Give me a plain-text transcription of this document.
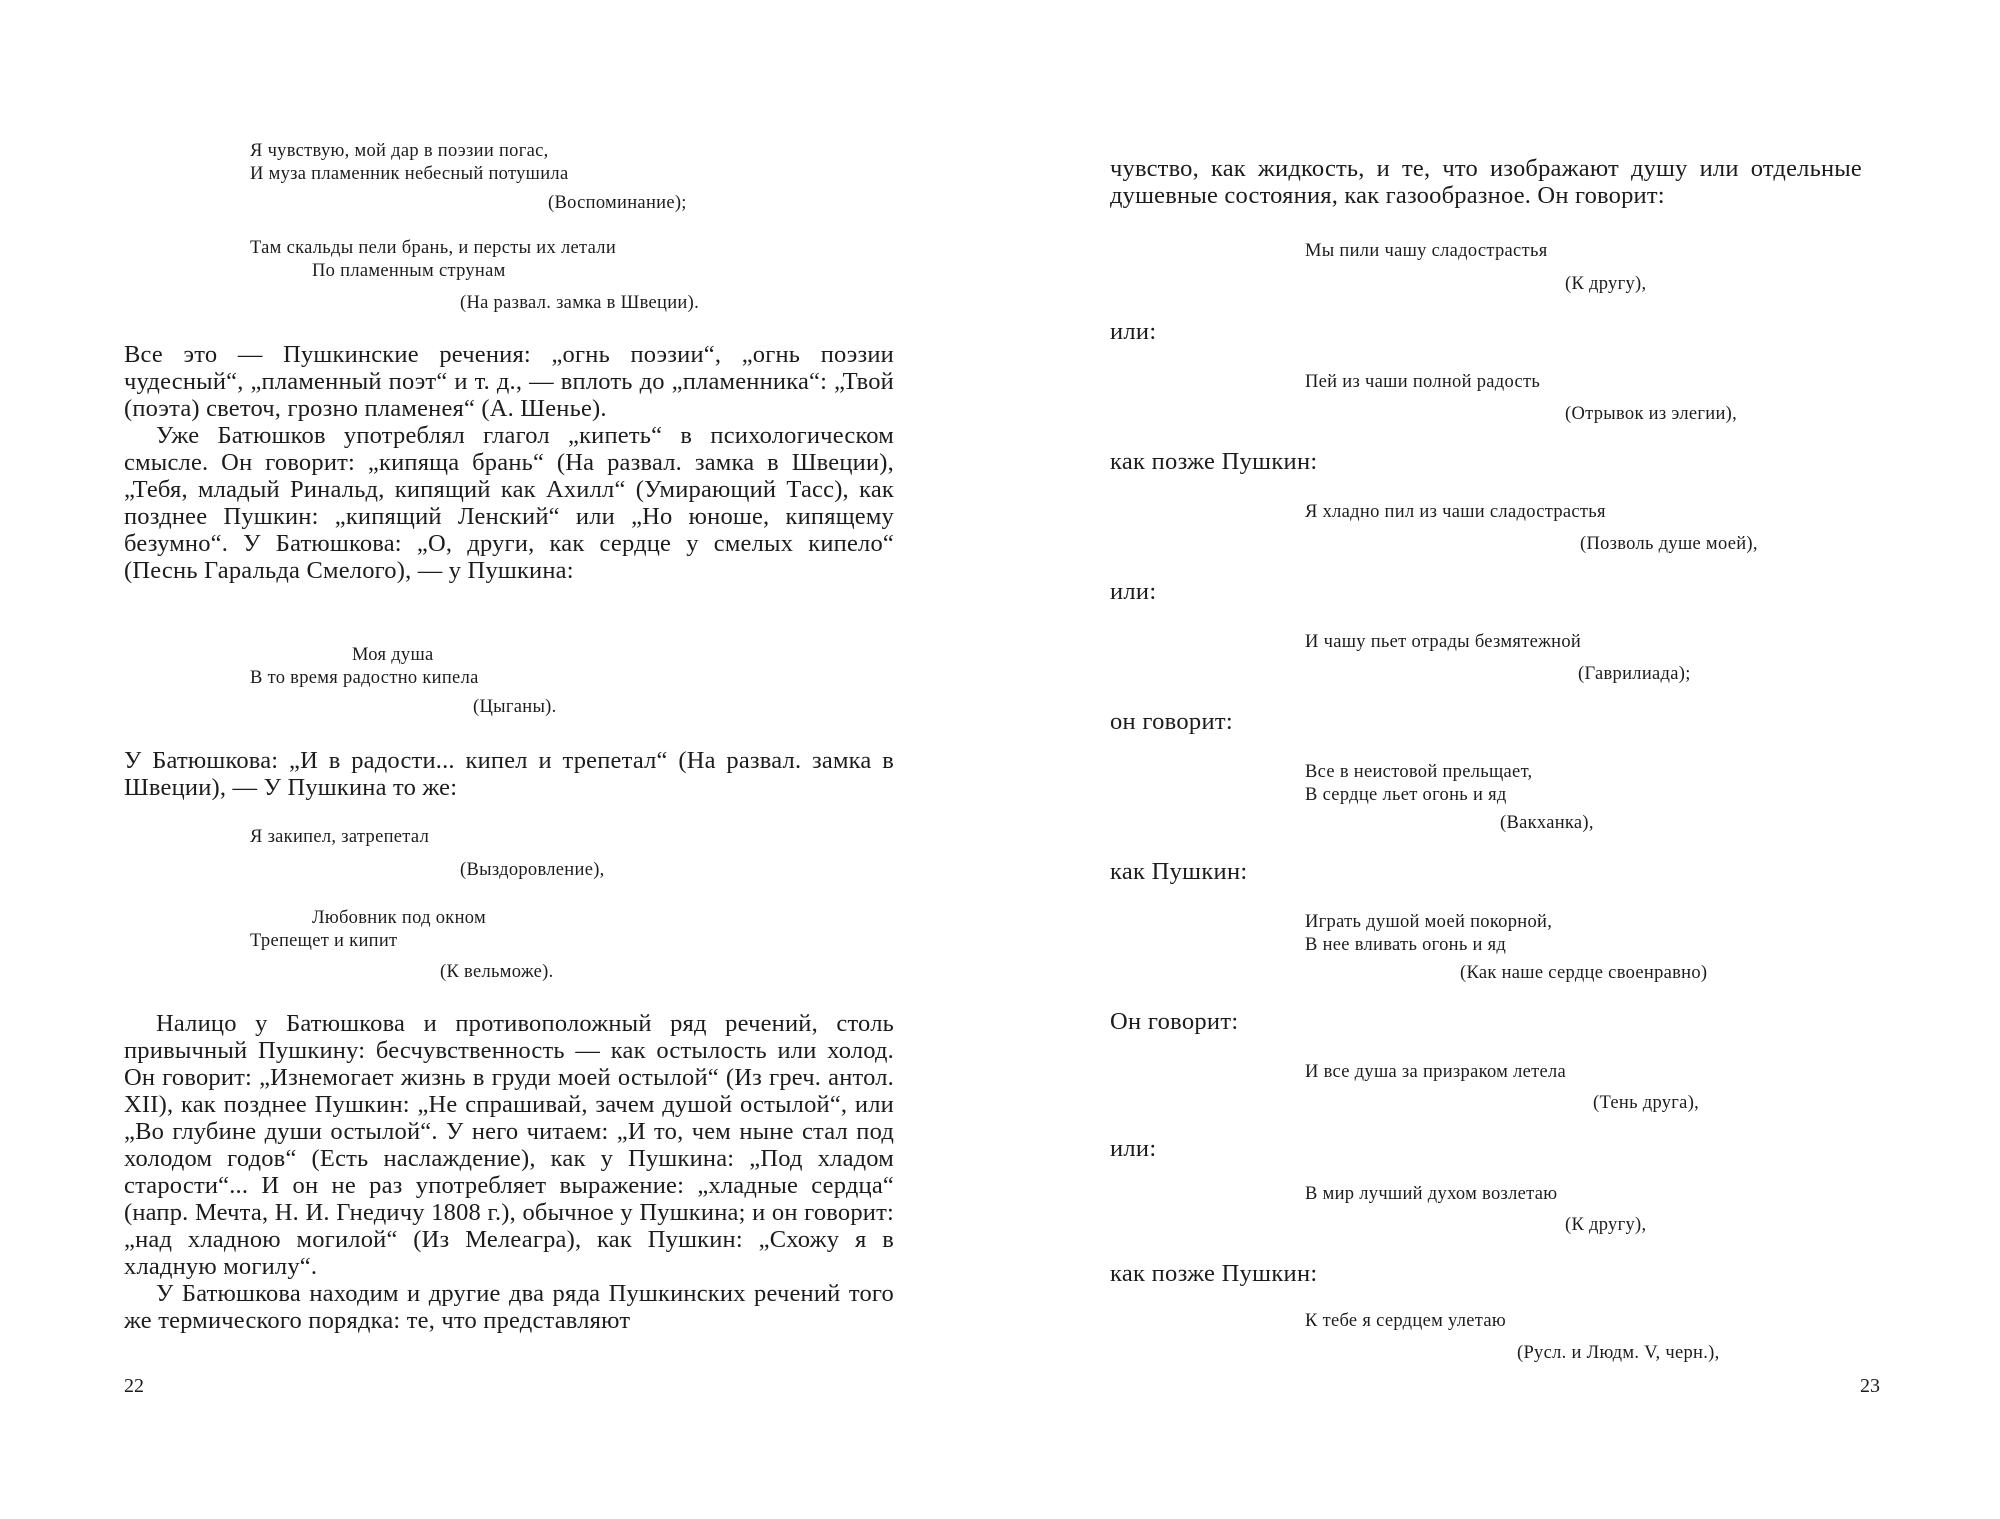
Я чувствую, мой дар в поэзии погас,
И муза пламенник небесный потушила
(Воспоминание);
Там скальды пели брань, и персты их летали
По пламенным струнам
(На развал. замка в Швеции).

Все это — Пушкинские речения: „огнь поэзии“, „огнь поэзии чудесный“, „пламенный поэт“ и т. д., — вплоть до „пламенника“: „Твой (поэта) светоч, грозно пламенея“ (А. Шенье).

Уже Батюшков употреблял глагол „кипеть“ в психологическом смысле. Он говорит: „кипяща брань“ (На развал. замка в Швеции), „Тебя, младый Ринальд, кипящий как Ахилл“ (Умирающий Тасс), как позднее Пушкин: „кипящий Ленский“ или „Но юноше, кипящему безумно“. У Батюшкова: „О, други, как сердце у смелых кипело“ (Песнь Гаральда Смелого), — у Пушкина:

Моя душа
В то время радостно кипела
(Цыганы).

У Батюшкова: „И в радости... кипел и трепетал“ (На развал. замка в Швеции), — У Пушкина то же:

Я закипел, затрепетал
(Выздоровление),
Любовник под окном
Трепещет и кипит
(К вельможе).

Налицо у Батюшкова и противоположный ряд речений, столь привычный Пушкину: бесчувственность — как остылость или холод. Он говорит: „Изнемогает жизнь в груди моей остылой“ (Из греч. антол. XII), как позднее Пушкин: „Не спрашивай, зачем душой остылой“, или „Во глубине души остылой“. У него читаем: „И то, чем ныне стал под холодом годов“ (Есть наслаждение), как у Пушкина: „Под хладом старости“... И он не раз употребляет выражение: „хладные сердца“ (напр. Мечта, Н. И. Гнедичу 1808 г.), обычное у Пушкина; и он говорит: „над хладною могилой“ (Из Мелеагра), как Пушкин: „Схожу я в хладную могилу“.

У Батюшкова находим и другие два ряда Пушкинских речений того же термического порядка: те, что представляют

22

чувство, как жидкость, и те, что изображают душу или отдельные душевные состояния, как газообразное. Он говорит:

Мы пили чашу сладострастья
(К другу),
или:
Пей из чаши полной радость
(Отрывок из элегии),
как позже Пушкин:
Я хладно пил из чаши сладострастья
(Позволь душе моей),
или:
И чашу пьет отрады безмятежной
(Гаврилиада);
он говорит:
Все в неистовой прельщает,
В сердце льет огонь и яд
(Вакханка),
как Пушкин:
Играть душой моей покорной,
В нее вливать огонь и яд
(Как наше сердце своенравно)
Он говорит:
И все душа за призраком летела
(Тень друга),
или:
В мир лучший духом возлетаю
(К другу),
как позже Пушкин:
К тебе я сердцем улетаю
(Русл. и Людм. V, черн.),
23
